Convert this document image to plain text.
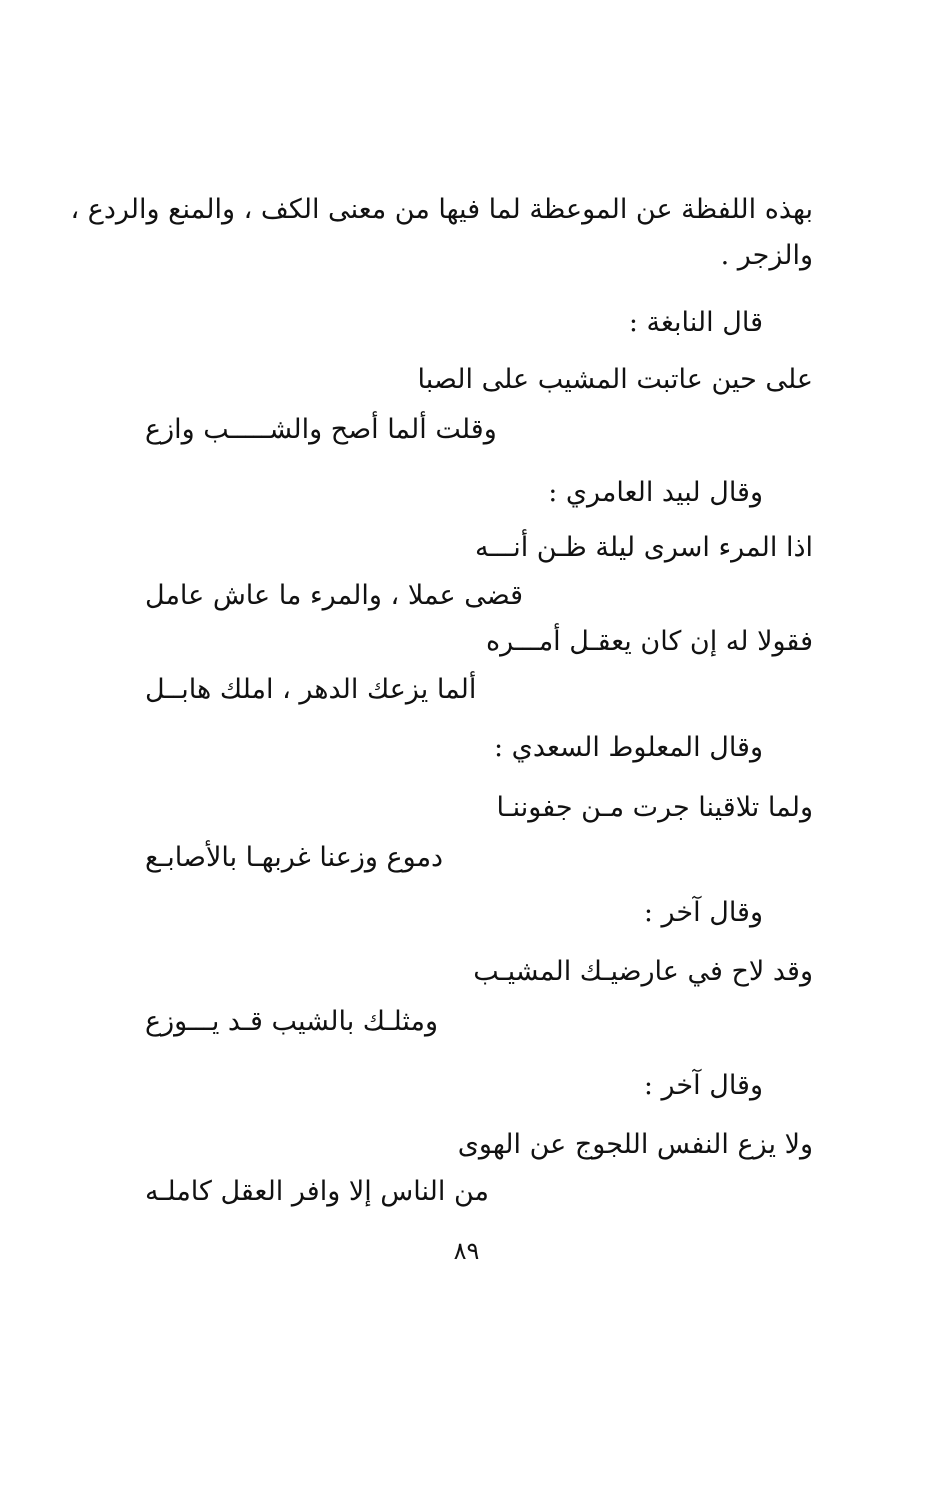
بهذه اللفظة عن الموعظة لما فيها من معنى الكف ، والمنع والردع ،
والزجر .
قال النابغة :
على حين عاتبت المشيب على الصبا
وقلت ألما أصح والشـــــب وازع
وقال لبيد العامري :
اذا المرء اسرى ليلة ظـن أنـــه
قضى عملا ، والمرء ما عاش عامل
فقولا له إن كان يعقـل أمـــره
ألما يزعك الدهر ، املك هابــل
وقال المعلوط السعدي :
ولما تلاقينا جرت مـن جفوننـا
دموع وزعنا غربهـا بالأصابـع
وقال آخر :
وقد لاح في عارضيـك المشيـب
ومثلـك بالشيب قـد يـــوزع
وقال آخر :
ولا يزع النفس اللجوج عن الهوى
من الناس إلا وافر العقل كاملـه
٨٩
